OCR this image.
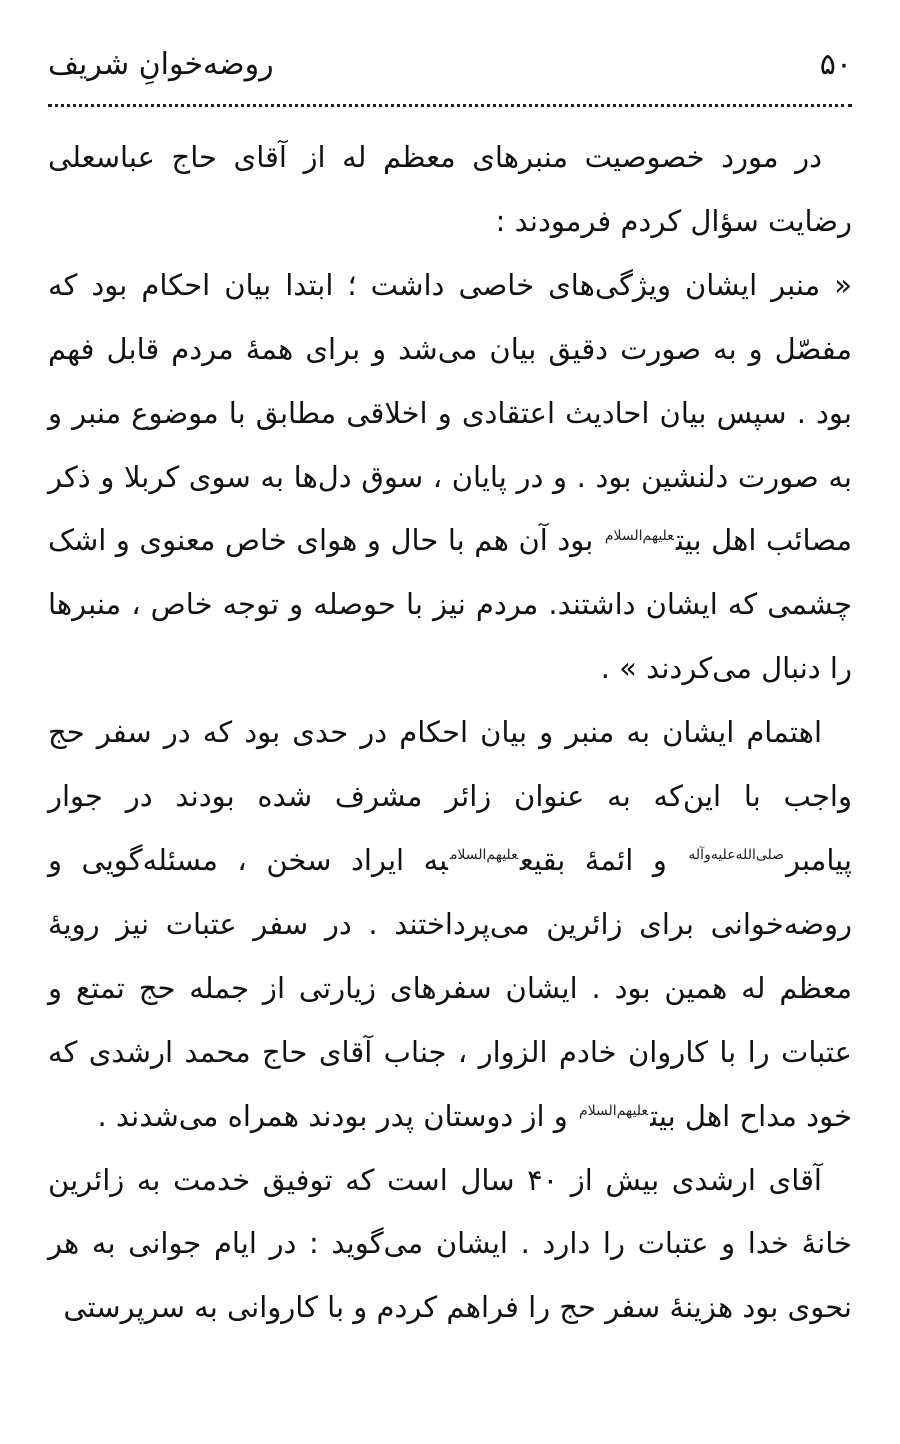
۵۰
روضه‌خوانِ شریف

در مورد خصوصیت منبرهای معظم له از آقای حاج عباسعلی رضایت سؤال کردم فرمودند :

« منبر ایشان ویژگی‌های خاصی داشت ؛ ابتدا بیان احکام بود که مفصّل و به صورت دقیق بیان می‌شد و برای همهٔ مردم قابل فهم بود . سپس بیان احادیث اعتقادی و اخلاقی مطابق با موضوع منبر و به صورت دلنشین بود . و در پایان ، سوق دل‌ها به سوی کربلا و ذکر مصائب اهل بیت$^{علیهم‌السلام}$ بود آن هم با حال و هوای خاص معنوی و اشک چشمی که ایشان داشتند. مردم نیز با حوصله و توجه خاص ، منبرها را دنبال می‌کردند » .

اهتمام ایشان به منبر و بیان احکام در حدی بود که در سفر حج واجب با این‌که به عنوان زائر مشرف شده بودند در جوار پیامبر$^{صلی‌الله‌علیه‌وآله}$ و ائمهٔ بقیع$^{علیهم‌السلام}$به ایراد سخن ، مسئله‌گویی و روضه‌خوانی برای زائرین می‌پرداختند . در سفر عتبات نیز رویهٔ معظم له همین بود . ایشان سفرهای زیارتی از جمله حج تمتع و عتبات را با کاروان خادم الزوار ، جناب آقای حاج محمد ارشدی که خود مداح اهل بیت$^{علیهم‌السلام}$ و از دوستان پدر بودند همراه می‌شدند .

آقای ارشدی بیش از ۴۰ سال است که توفیق خدمت به زائرین خانهٔ خدا و عتبات را دارد . ایشان می‌گوید : در ایام جوانی به هر نحوی بود هزینهٔ سفر حج را فراهم کردم و با کاروانی به سرپرستی
